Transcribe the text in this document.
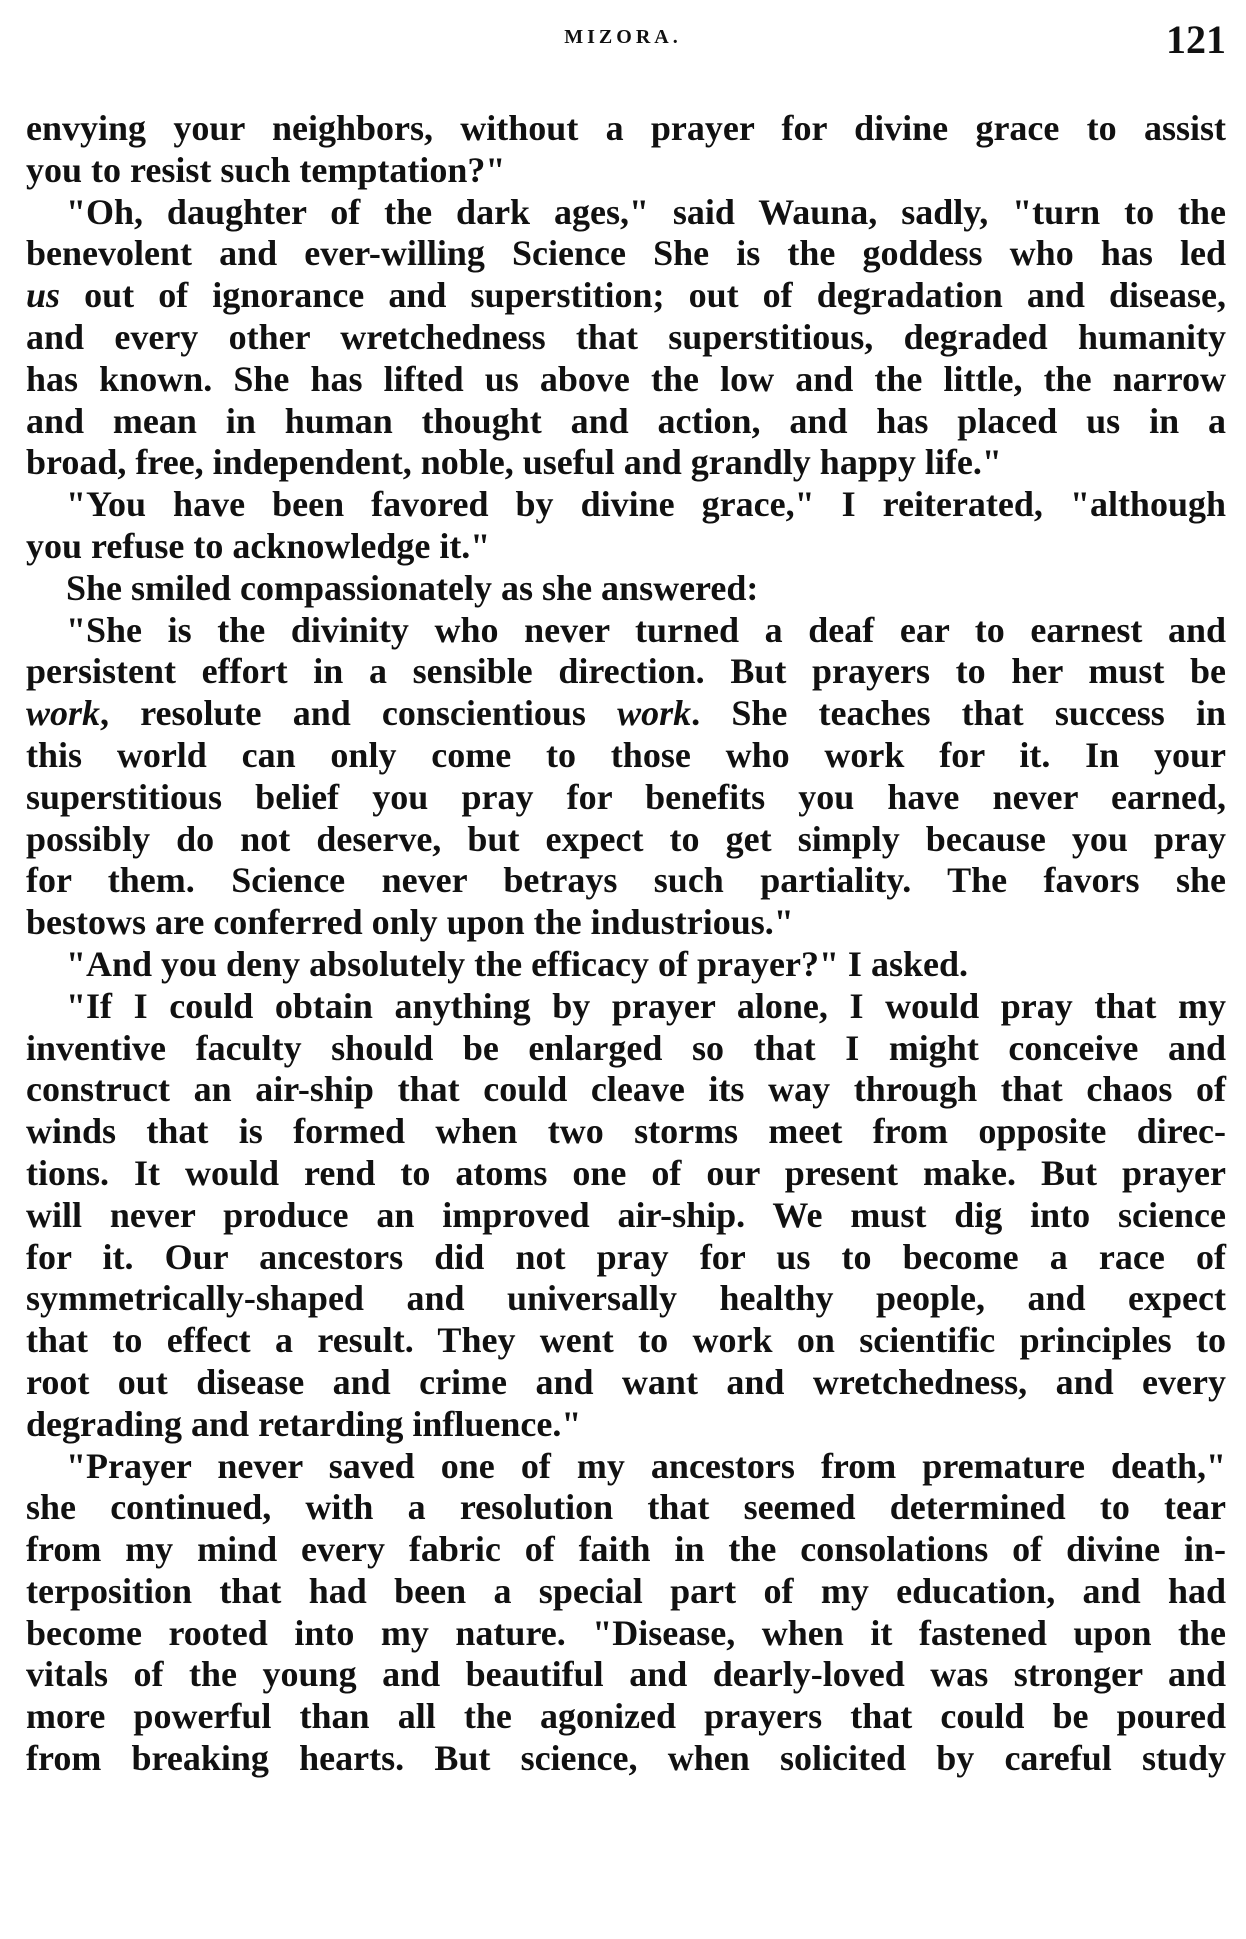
MIZORA.	121
envying your neighbors, without a prayer for divine grace to assist
you to resist such temptation?"
"Oh, daughter of the dark ages," said Wauna, sadly, "turn to the
benevolent and ever-willing Science She is the goddess who has led
us out of ignorance and superstition; out of degradation and disease,
and every other wretchedness that superstitious, degraded humanity
has known. She has lifted us above the low and the little, the narrow
and mean in human thought and action, and has placed us in a
broad, free, independent, noble, useful and grandly happy life."
"You have been favored by divine grace," I reiterated, "although
you refuse to acknowledge it."
She smiled compassionately as she answered:
"She is the divinity who never turned a deaf ear to earnest and
persistent effort in a sensible direction. But prayers to her must be
work, resolute and conscientious work. She teaches that success in
this world can only come to those who work for it. In your
superstitious belief you pray for benefits you have never earned,
possibly do not deserve, but expect to get simply because you pray
for them. Science never betrays such partiality. The favors she
bestows are conferred only upon the industrious."
"And you deny absolutely the efficacy of prayer?" I asked.
"If I could obtain anything by prayer alone, I would pray that my
inventive faculty should be enlarged so that I might conceive and
construct an air-ship that could cleave its way through that chaos of
winds that is formed when two storms meet from opposite direc-
tions. It would rend to atoms one of our present make. But prayer
will never produce an improved air-ship. We must dig into science
for it. Our ancestors did not pray for us to become a race of
symmetrically-shaped and universally healthy people, and expect
that to effect a result. They went to work on scientific principles to
root out disease and crime and want and wretchedness, and every
degrading and retarding influence."
"Prayer never saved one of my ancestors from premature death,"
she continued, with a resolution that seemed determined to tear
from my mind every fabric of faith in the consolations of divine in-
terposition that had been a special part of my education, and had
become rooted into my nature. "Disease, when it fastened upon the
vitals of the young and beautiful and dearly-loved was stronger and
more powerful than all the agonized prayers that could be poured
from breaking hearts. But science, when solicited by careful study
